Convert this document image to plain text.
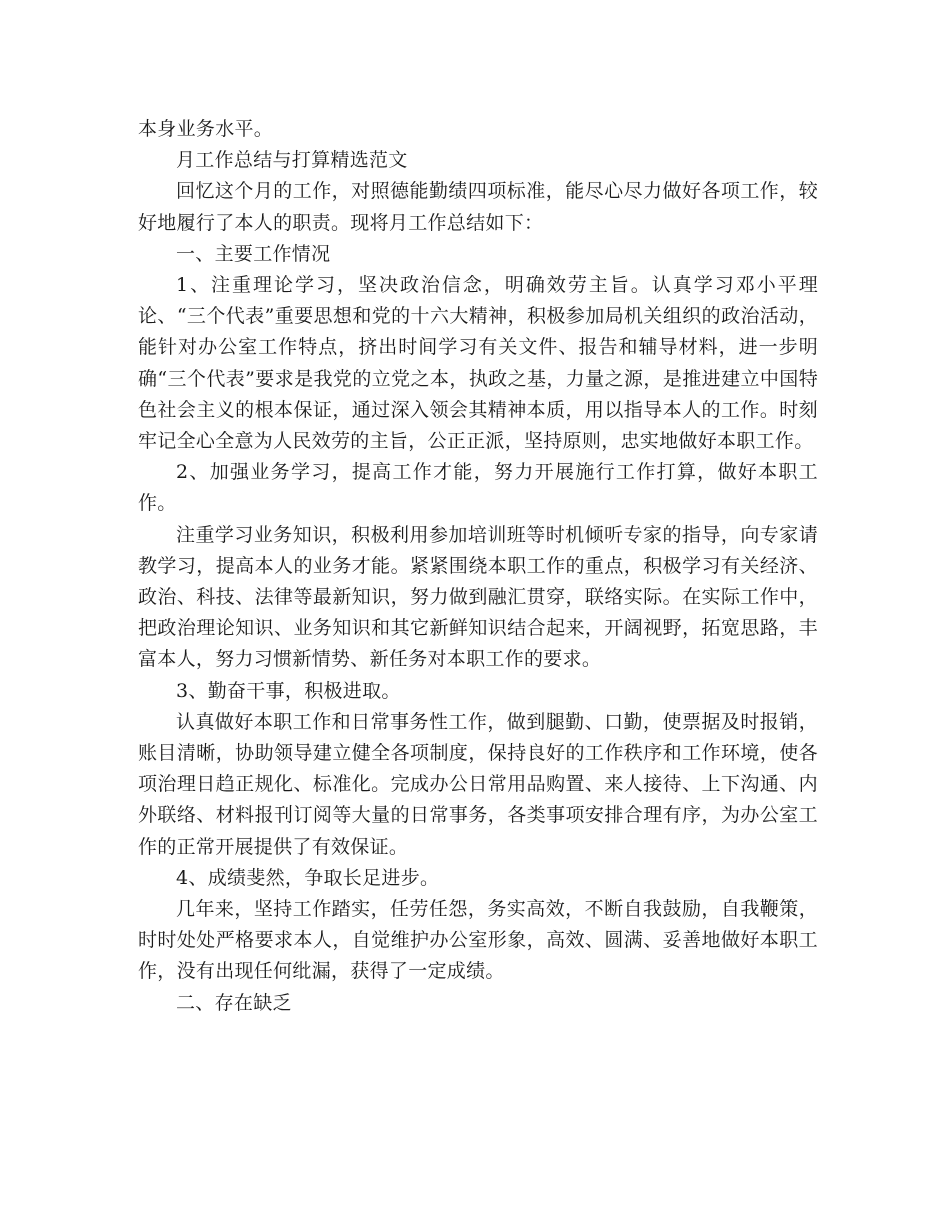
本身业务水平。

月工作总结与打算精选范文

回忆这个月的工作，对照德能勤绩四项标准，能尽心尽力做好各项工作，较好地履行了本人的职责。现将月工作总结如下：

一、主要工作情况

1、注重理论学习，坚决政治信念，明确效劳主旨。认真学习邓小平理论、“三个代表”重要思想和党的十六大精神，积极参加局机关组织的政治活动，能针对办公室工作特点，挤出时间学习有关文件、报告和辅导材料，进一步明确“三个代表”要求是我党的立党之本，执政之基，力量之源，是推进建立中国特色社会主义的根本保证，通过深入领会其精神本质，用以指导本人的工作。时刻牢记全心全意为人民效劳的主旨，公正正派，坚持原则，忠实地做好本职工作。

2、加强业务学习，提高工作才能，努力开展施行工作打算，做好本职工作。

注重学习业务知识，积极利用参加培训班等时机倾听专家的指导，向专家请教学习，提高本人的业务才能。紧紧围绕本职工作的重点，积极学习有关经济、政治、科技、法律等最新知识，努力做到融汇贯穿，联络实际。在实际工作中，把政治理论知识、业务知识和其它新鲜知识结合起来，开阔视野，拓宽思路，丰富本人，努力习惯新情势、新任务对本职工作的要求。

3、勤奋干事，积极进取。

认真做好本职工作和日常事务性工作，做到腿勤、口勤，使票据及时报销，账目清晰，协助领导建立健全各项制度，保持良好的工作秩序和工作环境，使各项治理日趋正规化、标准化。完成办公日常用品购置、来人接待、上下沟通、内外联络、材料报刊订阅等大量的日常事务，各类事项安排合理有序，为办公室工作的正常开展提供了有效保证。

4、成绩斐然，争取长足进步。

几年来，坚持工作踏实，任劳任怨，务实高效，不断自我鼓励，自我鞭策，时时处处严格要求本人，自觉维护办公室形象，高效、圆满、妥善地做好本职工作，没有出现任何纰漏，获得了一定成绩。

二、存在缺乏
